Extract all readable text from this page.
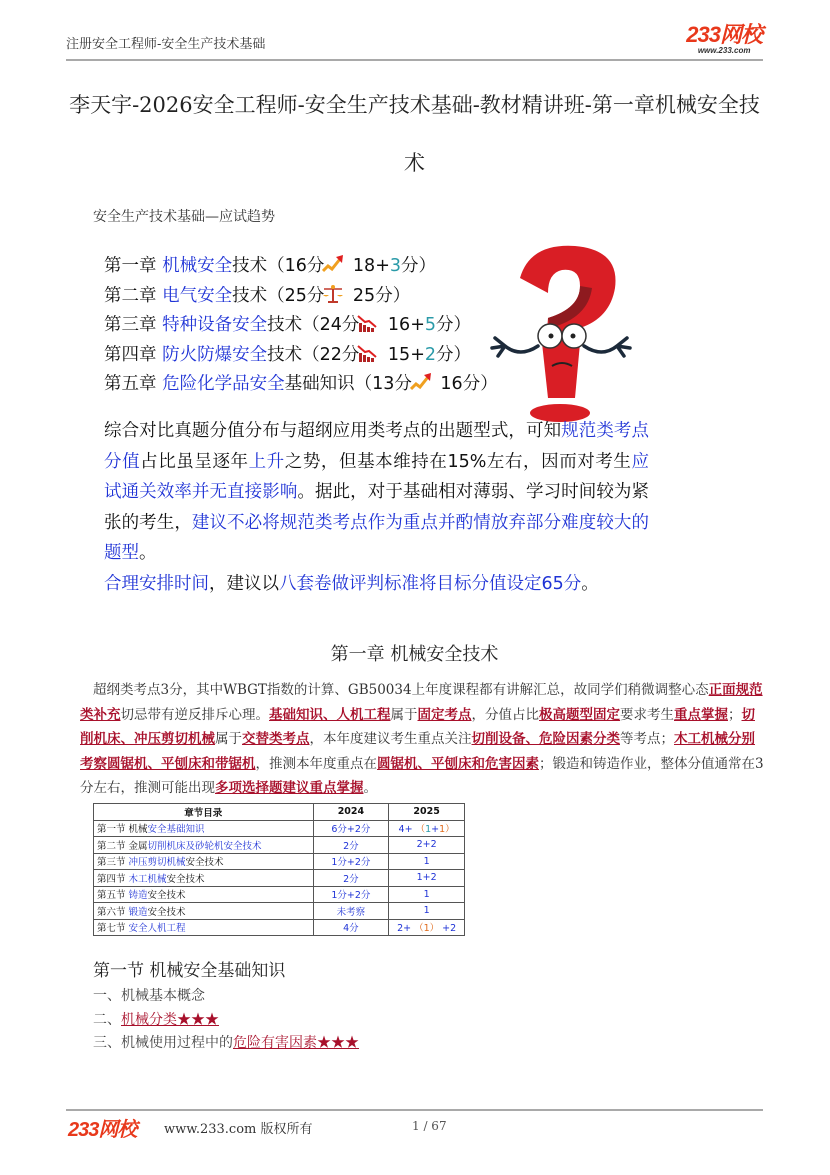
注册安全工程师-安全生产技术基础	233网校
www.233.com
李天宇-2026安全工程师-安全生产技术基础-教材精讲班-第一章机械安全技
术
安全生产技术基础—应试趋势
第一章 机械安全技术（16分 18+3分）
第二章 电气安全技术（25分 25分）
第三章 特种设备安全技术（24分 16+5分）
第四章 防火防爆安全技术（22分 15+2分）
第五章 危险化学品安全基础知识（13分 16分）
综合对比真题分值分布与超纲应用类考点的出题型式，可知规范类考点分值占比虽呈逐年上升之势，但基本维持在15%左右，因而对考生应试通关效率并无直接影响。据此，对于基础相对薄弱、学习时间较为紧张的考生，建议不必将规范类考点作为重点并酌情放弃部分难度较大的题型。
合理安排时间，建议以八套卷做评判标准将目标分值设定65分。
第一章 机械安全技术
超纲类考点3分，其中WBGT指数的计算、GB50034上年度课程都有讲解汇总，故同学们稍微调整心态正面规范类补充切忌带有逆反排斥心理。基础知识、人机工程属于固定考点，分值占比极高题型固定要求考生重点掌握；切削机床、冲压剪切机械属于交替类考点，本年度建议考生重点关注切削设备、危险因素分类等考点；木工机械分别考察圆锯机、平刨床和带锯机，推测本年度重点在圆锯机、平刨床和危害因素；锻造和铸造作业，整体分值通常在3分左右，推测可能出现多项选择题建议重点掌握。
章节目录	2024	2025
第一节 机械安全基础知识	6分+2分	4+ （1+1）
第二节 金属切削机床及砂轮机安全技术	2分	2+2
第三节 冲压剪切机械安全技术	1分+2分	1
第四节 木工机械安全技术	2分	1+2
第五节 铸造安全技术	1分+2分	1
第六节 锻造安全技术	未考察	1
第七节 安全人机工程	4分	2+ （1） +2
第一节 机械安全基础知识
一、机械基本概念
二、机械分类★★★
三、机械使用过程中的危险有害因素★★★
233网校 www.233.com 版权所有	1 / 67
